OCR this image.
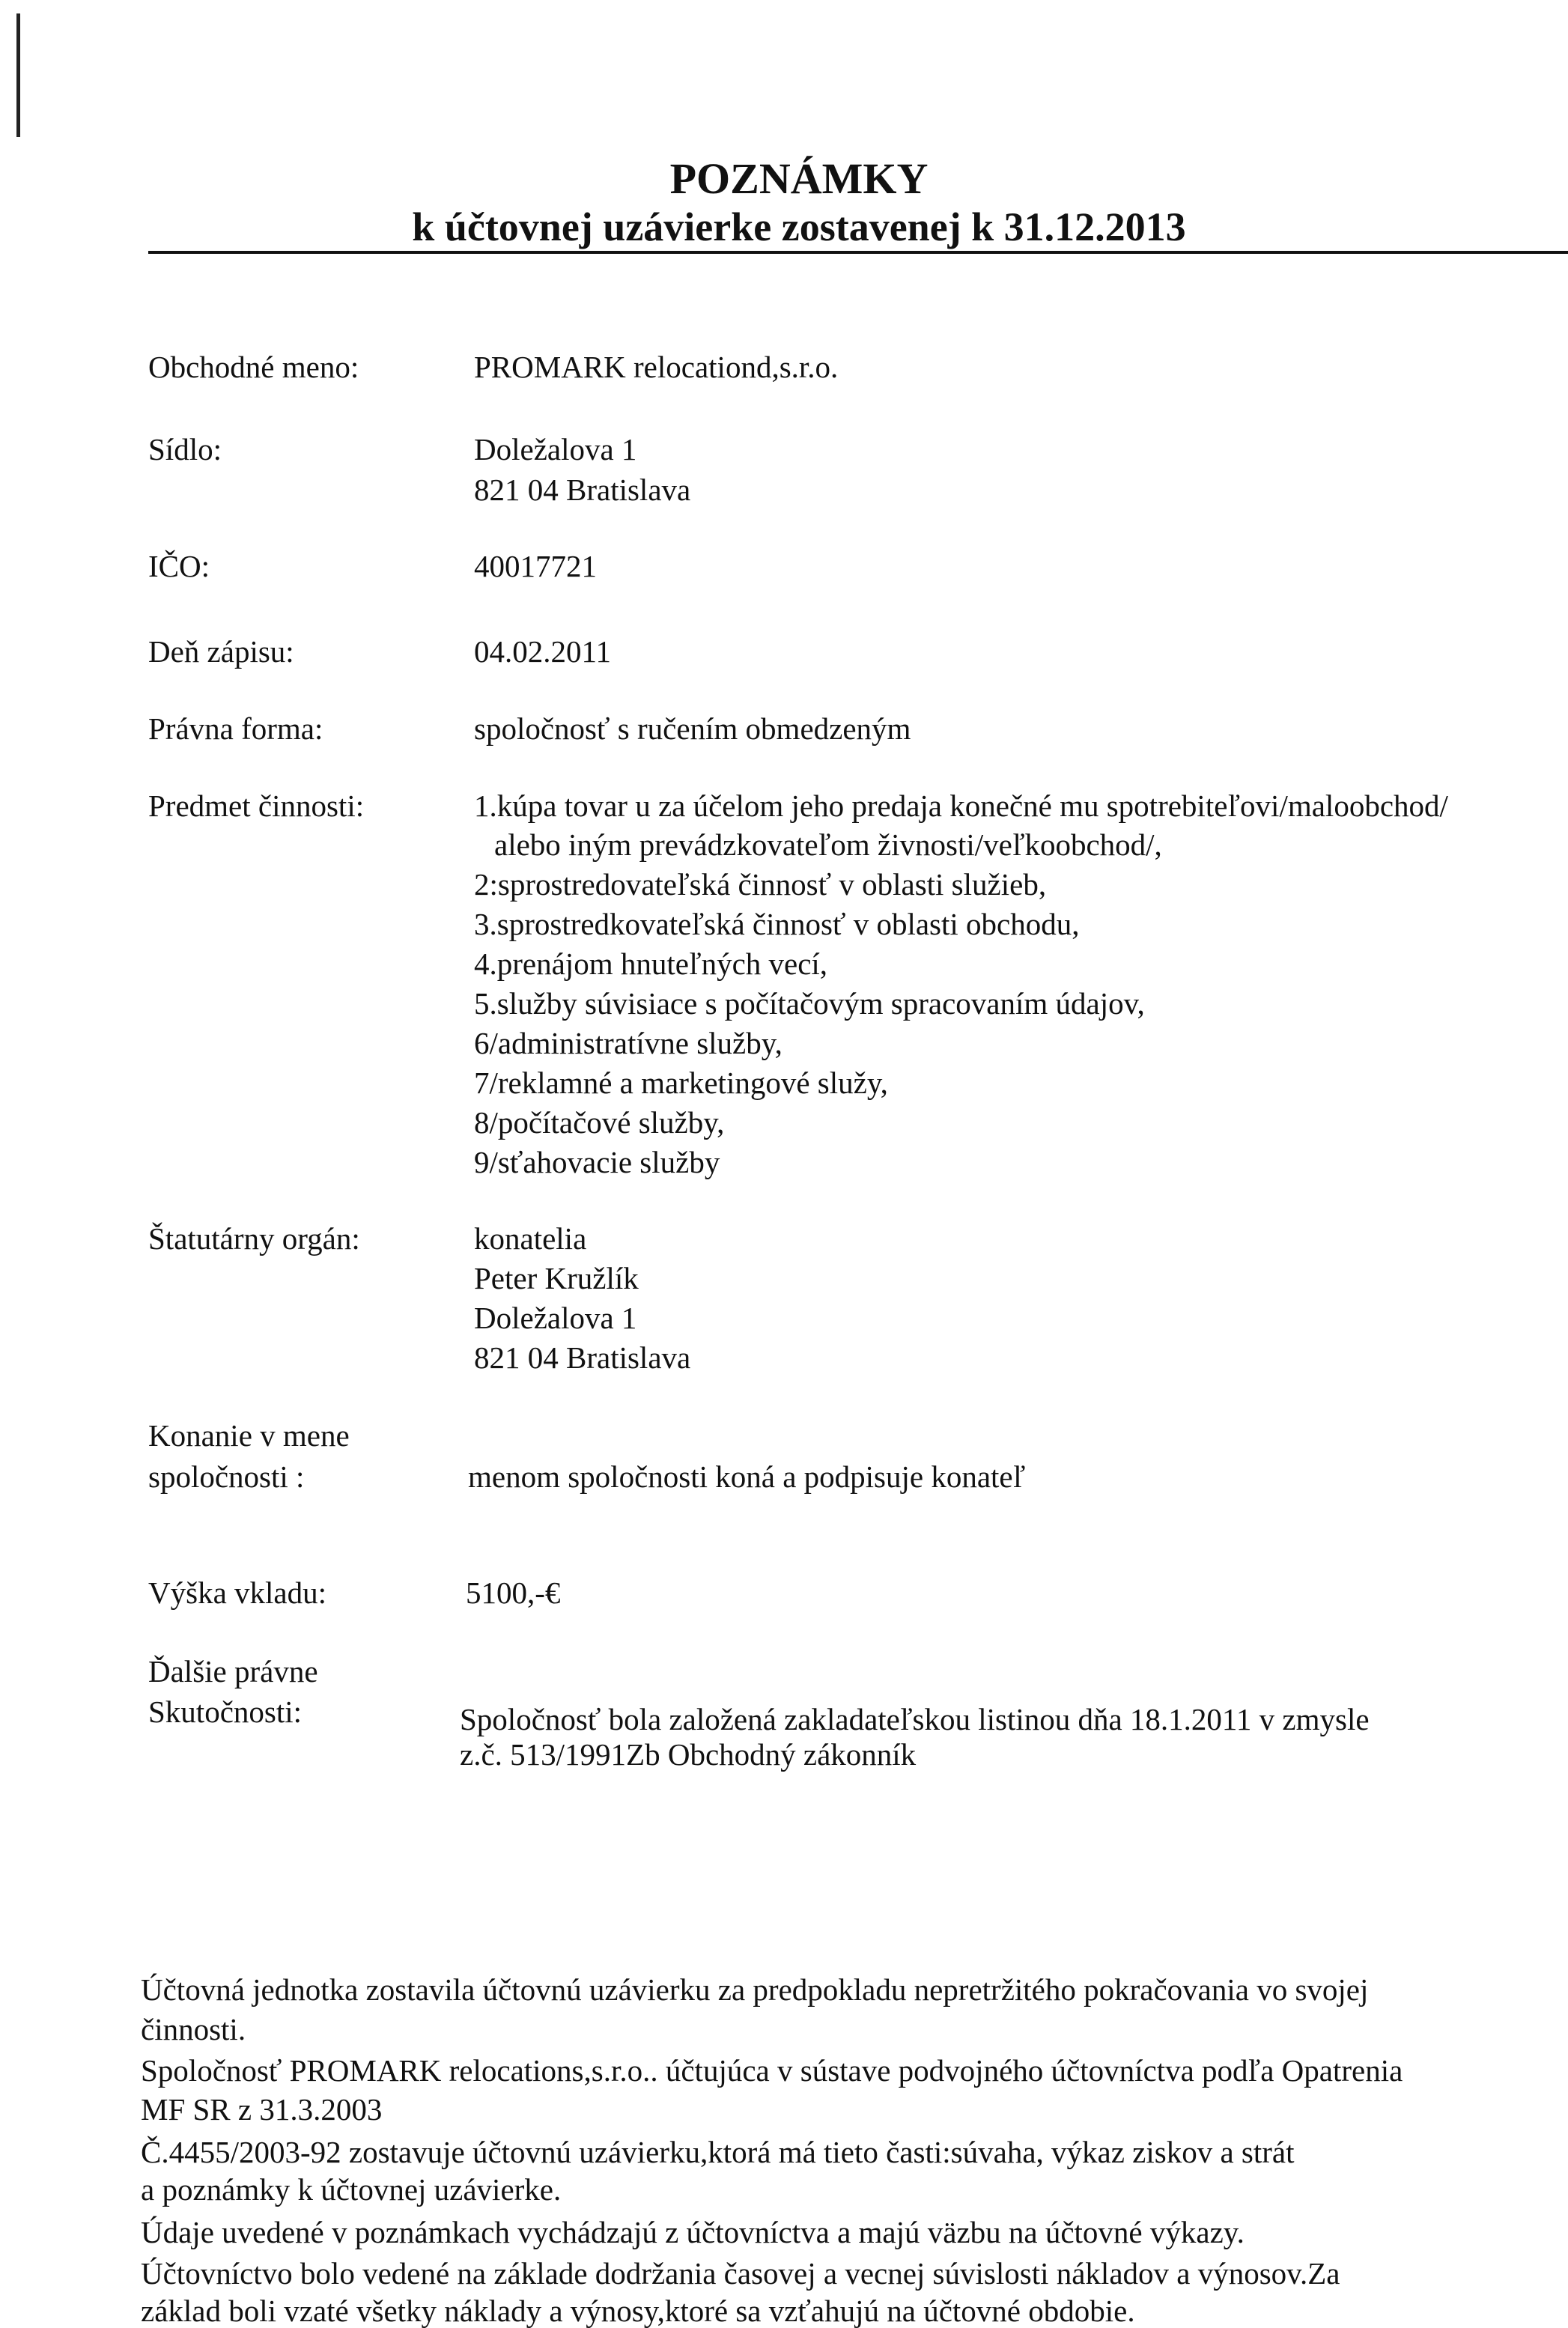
POZNÁMKY
k účtovnej uzávierke zostavenej k 31.12.2013
Obchodné meno:	PROMARK relocationd,s.r.o.
Sídlo:	Doležalova 1
821 04 Bratislava
IČO:	40017721
Deň zápisu:	04.02.2011
Právna forma:	spoločnosť s ručením obmedzeným
Predmet činnosti:	1.kúpa tovar u za účelom jeho predaja konečné mu spotrebiteľovi/maloobchod/
alebo iným prevádzkovateľom živnosti/veľkoobchod/,
2:sprostredovateľská činnosť v oblasti služieb,
3.sprostredkovateľská činnosť v oblasti obchodu,
4.prenájom hnuteľných vecí,
5.služby súvisiace s počítačovým spracovaním údajov,
6/administratívne služby,
7/reklamné a marketingové služy,
8/počítačové služby,
9/sťahovacie služby
Štatutárny orgán:	konatelia
Peter Kružlík
Doležalova 1
821 04 Bratislava
Konanie v mene
spoločnosti :	menom spoločnosti koná a podpisuje konateľ
Výška vkladu:	5100,-€
Ďalšie právne
Skutočnosti:	Spoločnosť bola založená zakladateľskou listinou dňa 18.1.2011 v zmysle
z.č. 513/1991Zb Obchodný zákonník
Účtovná jednotka zostavila účtovnú uzávierku za predpokladu nepretržitého pokračovania vo svojej
činnosti.
Spoločnosť PROMARK relocations,s.r.o.. účtujúca v sústave podvojného účtovníctva podľa Opatrenia
MF SR z 31.3.2003
Č.4455/2003-92 zostavuje účtovnú uzávierku,ktorá má tieto časti:súvaha, výkaz ziskov a strát
a poznámky k účtovnej uzávierke.
Údaje uvedené v poznámkach vychádzajú z účtovníctva a majú väzbu na účtovné výkazy.
Účtovníctvo bolo vedené na základe dodržania časovej a vecnej súvislosti nákladov a výnosov.Za
základ boli vzaté všetky náklady a výnosy,ktoré sa vzťahujú na účtovné obdobie.
